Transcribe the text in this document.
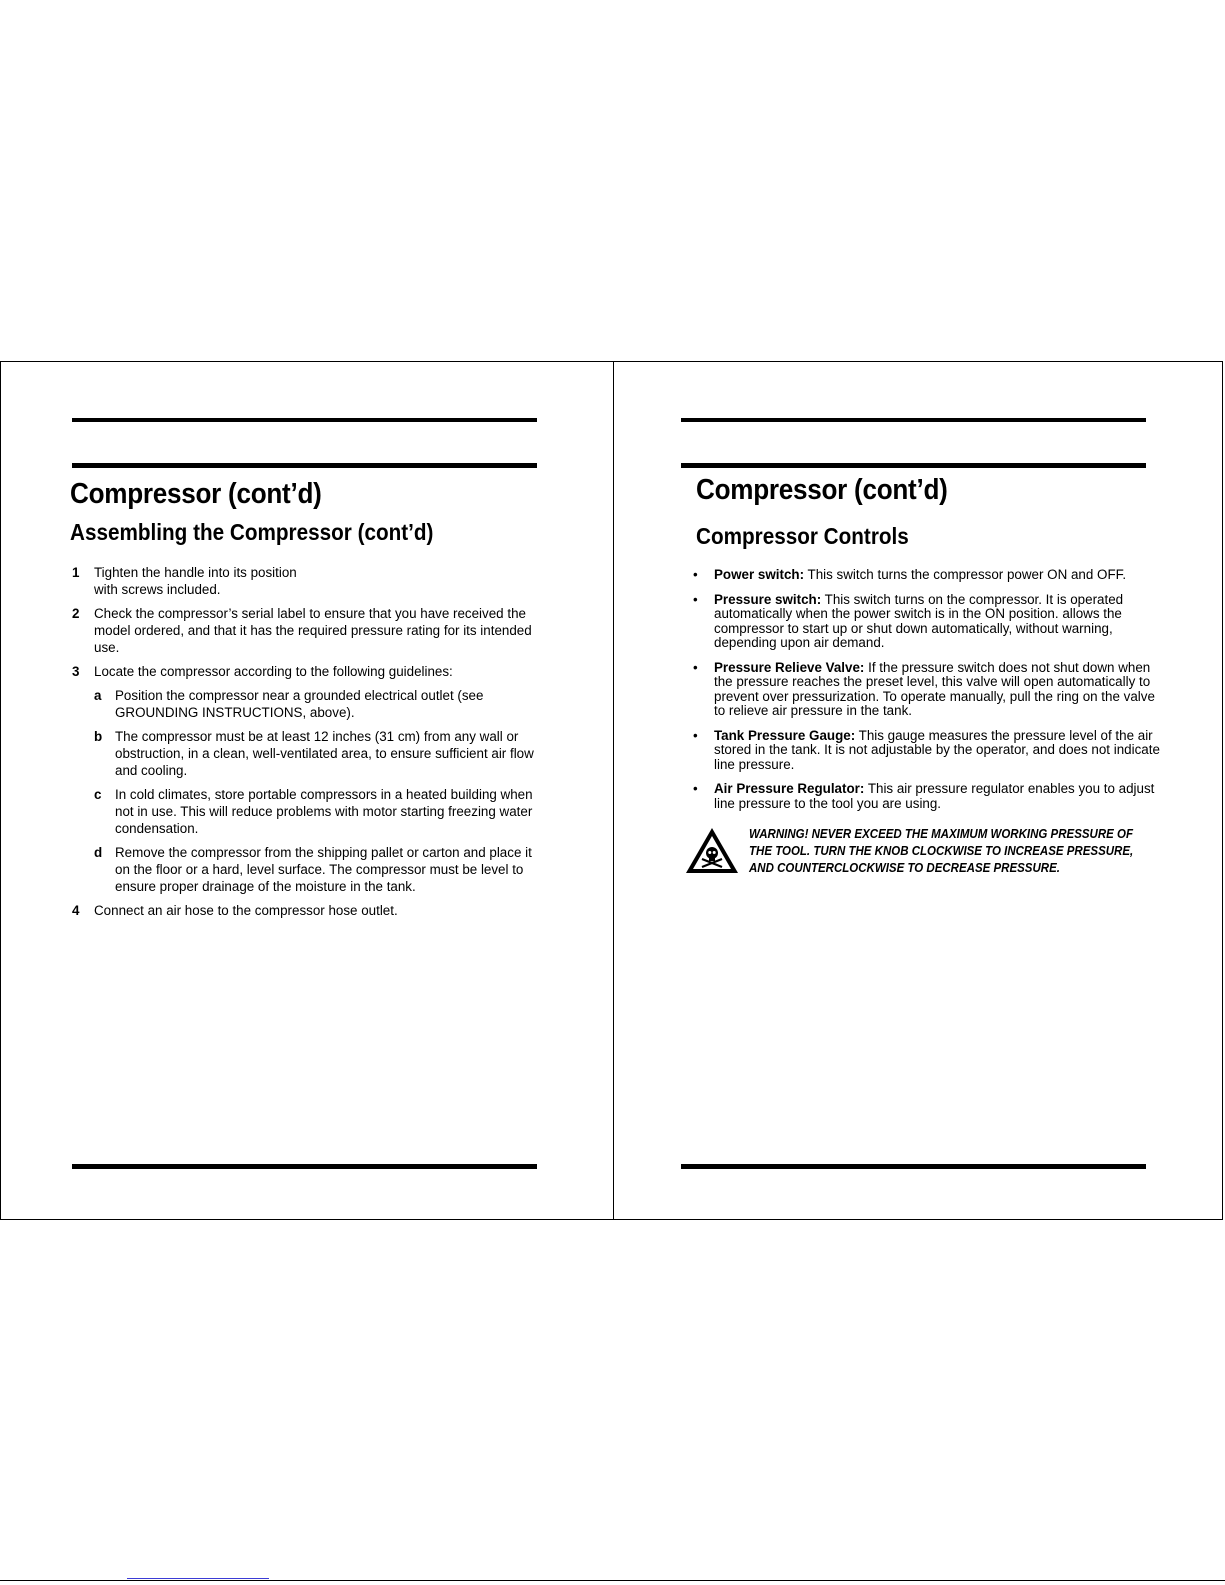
Compressor (cont’d)
Assembling the Compressor (cont’d)
1	Tighten the handle into its position
with screws included.
2	Check the compressor’s serial label to ensure that you have received the model ordered, and that it has the required pressure rating for its intended use.
3	Locate the compressor according to the following guidelines:
a	Position the compressor near a grounded electrical outlet (see GROUNDING INSTRUCTIONS, above).
b The compressor must be at least 12 inches (31 cm) from any wall or obstruction, in a clean, well-ventilated area, to ensure sufficient air flow and cooling.
c	In cold climates, store portable compressors in a heated building when not in use. This will reduce problems with motor starting freezing water condensation.
d Remove the compressor from the shipping pallet or carton and place it on the floor or a hard, level surface. The compressor must be level to ensure proper drainage of the moisture in the tank.
4	Connect an air hose to the compressor hose outlet.
Compressor (cont’d)
Compressor Controls
•	Power switch: This switch turns the compressor power ON and OFF.
•	Pressure switch: This switch turns on the compressor. It is operated automatically when the power switch is in the ON position. allows the compressor to start up or shut down automatically, without warning, depending upon air demand.
•	Pressure Relieve Valve: If the pressure switch does not shut down when the pressure reaches the preset level, this valve will open automatically to prevent over pressurization. To operate manually, pull the ring on the valve to relieve air pressure in the tank.
•	Tank Pressure Gauge: This gauge measures the pressure level of the air stored in the tank. It is not adjustable by the operator, and does not indicate line pressure.
•	Air Pressure Regulator: This air pressure regulator enables you to adjust line pressure to the tool you are using.
WARNING! NEVER EXCEED THE MAXIMUM WORKING PRESSURE OF THE TOOL. TURN THE KNOB CLOCKWISE TO INCREASE PRESSURE, AND COUNTERCLOCKWISE TO DECREASE PRESSURE.
